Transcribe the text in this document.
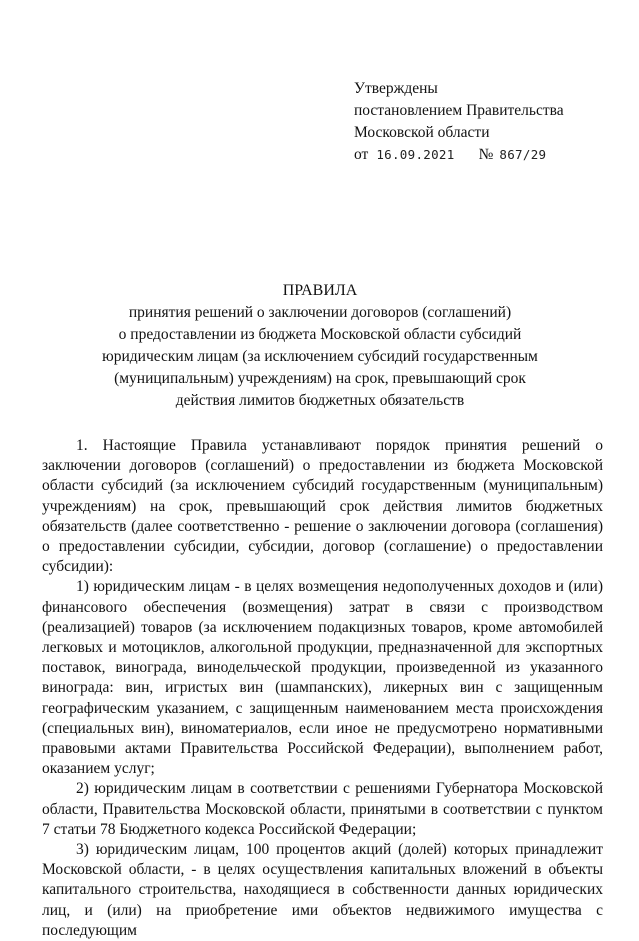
Утверждены
постановлением Правительства
Московской области
от 16.09.2021 № 867/29
ПРАВИЛА
принятия решений о заключении договоров (соглашений)
о предоставлении из бюджета Московской области субсидий
юридическим лицам (за исключением субсидий государственным
(муниципальным) учреждениям) на срок, превышающий срок
действия лимитов бюджетных обязательств

1. Настоящие Правила устанавливают порядок принятия решений о заключении договоров (соглашений) о предоставлении из бюджета Московской области субсидий (за исключением субсидий государственным (муниципальным) учреждениям) на срок, превышающий срок действия лимитов бюджетных обязательств (далее соответственно - решение о заключении договора (соглашения) о предоставлении субсидии, субсидии, договор (соглашение) о предоставлении субсидии):

1) юридическим лицам - в целях возмещения недополученных доходов и (или) финансового обеспечения (возмещения) затрат в связи с производством (реализацией) товаров (за исключением подакцизных товаров, кроме автомобилей легковых и мотоциклов, алкогольной продукции, предназначенной для экспортных поставок, винограда, винодельческой продукции, произведенной из указанного винограда: вин, игристых вин (шампанских), ликерных вин с защищенным географическим указанием, с защищенным наименованием места происхождения (специальных вин), виноматериалов, если иное не предусмотрено нормативными правовыми актами Правительства Российской Федерации), выполнением работ, оказанием услуг;

2) юридическим лицам в соответствии с решениями Губернатора Московской области, Правительства Московской области, принятыми в соответствии с пунктом 7 статьи 78 Бюджетного кодекса Российской Федерации;

3) юридическим лицам, 100 процентов акций (долей) которых принадлежит Московской области, - в целях осуществления капитальных вложений в объекты капитального строительства, находящиеся в собственности данных юридических лиц, и (или) на приобретение ими объектов недвижимого имущества с последующим
